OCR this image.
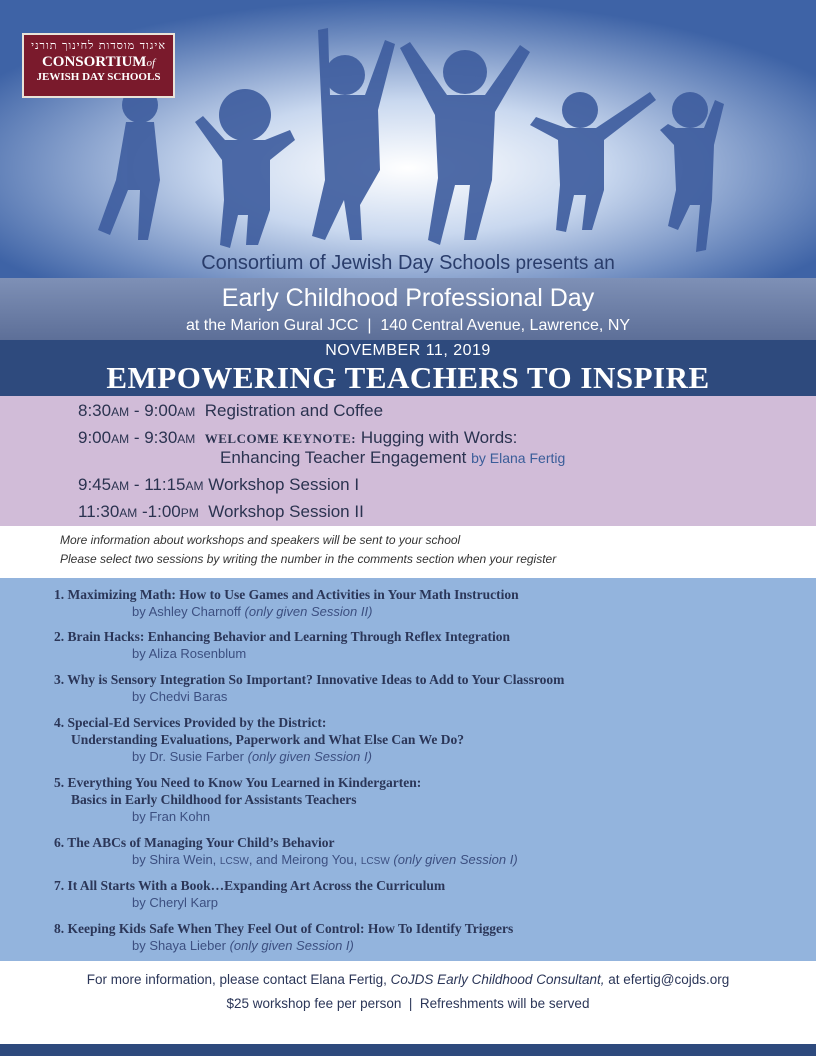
איגוד מוסדות לחינוך תורני
CONSORTIUMof
JEWISH DAY SCHOOLS
Consortium of Jewish Day Schools presents an
Early Childhood Professional Day
at the Marion Gural JCC  |  140 Central Avenue, Lawrence, NY
NOVEMBER 11, 2019
EMPOWERING TEACHERS TO INSPIRE
8:30AM - 9:00AM Registration and Coffee
9:00AM - 9:30AM WELCOME KEYNOTE: Hugging with Words:
Enhancing Teacher Engagement by Elana Fertig
9:45AM - 11:15AM Workshop Session I
11:30AM -1:00PM Workshop Session II
More information about workshops and speakers will be sent to your school
Please select two sessions by writing the number in the comments section when your register
1. Maximizing Math: How to Use Games and Activities in Your Math Instruction
by Ashley Charnoff (only given Session II)
2. Brain Hacks: Enhancing Behavior and Learning Through Reflex Integration
by Aliza Rosenblum
3. Why is Sensory Integration So Important? Innovative Ideas to Add to Your Classroom
by Chedvi Baras
4. Special-Ed Services Provided by the District:
Understanding Evaluations, Paperwork and What Else Can We Do?
by Dr. Susie Farber (only given Session I)
5. Everything You Need to Know You Learned in Kindergarten:
Basics in Early Childhood for Assistants Teachers
by Fran Kohn
6. The ABCs of Managing Your Child’s Behavior
by Shira Wein, LCSW, and Meirong You, LCSW (only given Session I)
7. It All Starts With a Book…Expanding Art Across the Curriculum
by Cheryl Karp
8. Keeping Kids Safe When They Feel Out of Control: How To Identify Triggers
by Shaya Lieber (only given Session I)
For more information, please contact Elana Fertig, CoJDS Early Childhood Consultant, at efertig@cojds.org
$25 workshop fee per person  |  Refreshments will be served
